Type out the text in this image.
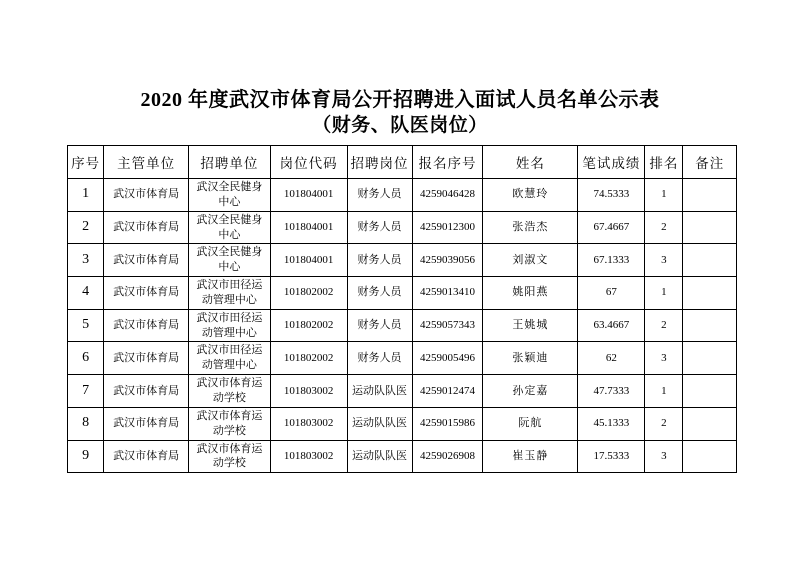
2020 年度武汉市体育局公开招聘进入面试人员名单公示表
（财务、队医岗位）
序号	主管单位	招聘单位	岗位代码	招聘岗位	报名序号	姓名	笔试成绩	排名	备注
1	武汉市体育局	武汉全民健身中心	101804001	财务人员	4259046428	欧慧玲	74.5333	1	
2	武汉市体育局	武汉全民健身中心	101804001	财务人员	4259012300	张浩杰	67.4667	2	
3	武汉市体育局	武汉全民健身中心	101804001	财务人员	4259039056	刘淑文	67.1333	3	
4	武汉市体育局	武汉市田径运动管理中心	101802002	财务人员	4259013410	姚阳燕	67	1	
5	武汉市体育局	武汉市田径运动管理中心	101802002	财务人员	4259057343	王姚城	63.4667	2	
6	武汉市体育局	武汉市田径运动管理中心	101802002	财务人员	4259005496	张颖迪	62	3	
7	武汉市体育局	武汉市体育运动学校	101803002	运动队队医	4259012474	孙定嘉	47.7333	1	
8	武汉市体育局	武汉市体育运动学校	101803002	运动队队医	4259015986	阮航	45.1333	2	
9	武汉市体育局	武汉市体育运动学校	101803002	运动队队医	4259026908	崔玉静	17.5333	3	
